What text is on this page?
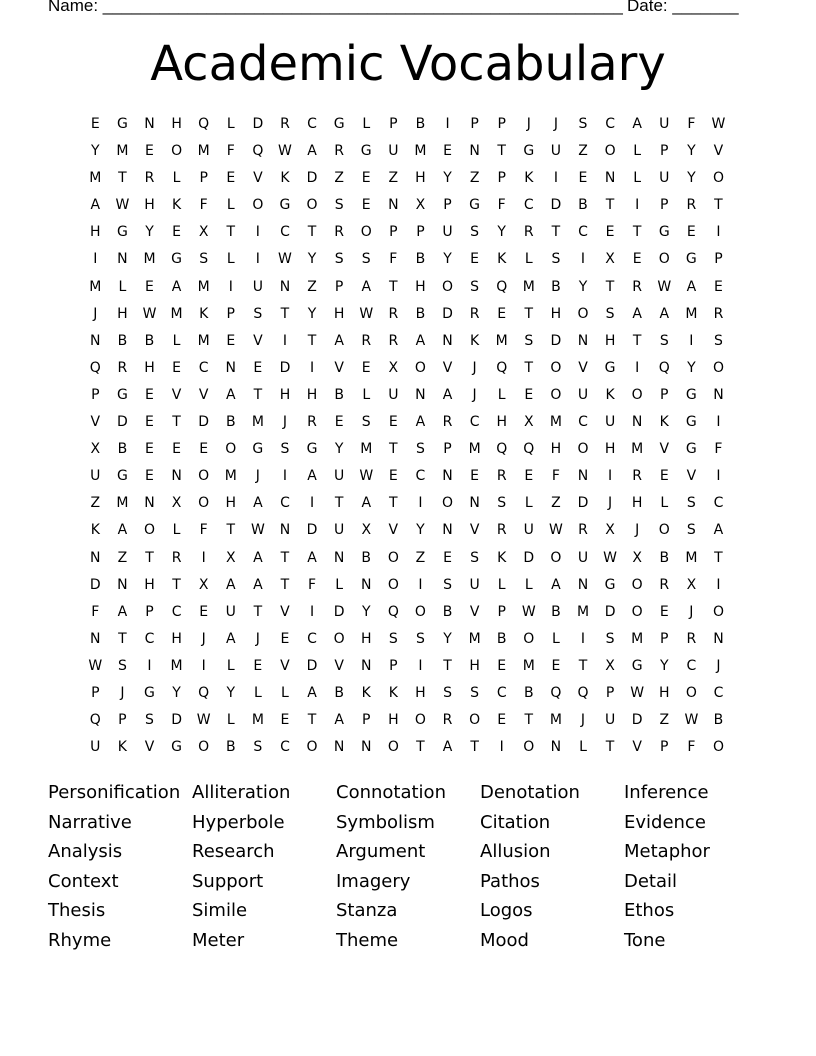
Name: _______________________________________________________ Date: _______
Academic Vocabulary
E	G	N	H	Q	L	D	R	C	G	L	P	B	I	P	P	J	J	S	C	A	U	F	W
Y	M	E	O	M	F	Q	W	A	R	G	U	M	E	N	T	G	U	Z	O	L	P	Y	V
M	T	R	L	P	E	V	K	D	Z	E	Z	H	Y	Z	P	K	I	E	N	L	U	Y	O
A	W	H	K	F	L	O	G	O	S	E	N	X	P	G	F	C	D	B	T	I	P	R	T
H	G	Y	E	X	T	I	C	T	R	O	P	P	U	S	Y	R	T	C	E	T	G	E	I
I	N	M	G	S	L	I	W	Y	S	S	F	B	Y	E	K	L	S	I	X	E	O	G	P
M	L	E	A	M	I	U	N	Z	P	A	T	H	O	S	Q	M	B	Y	T	R	W	A	E
J	H	W M	K	P	S	T	Y	H	W	R	B	D	R	E	T	H	O	S	A	A	M	R
N	B	B	L	M	E	V	I	T	A	R	R	A	N	K	M	S	D	N	H	T	S	I	S
Q	R	H	E	C	N	E	D	I	V	E	X	O	V	J	Q	T	O	V	G	I	Q	Y	O
P	G	E	V	V	A	T	H	H	B	L	U	N	A	J	L	E	O	U	K	O	P	G	N
V	D	E	T	D	B	M	J	R	E	S	E	A	R	C	H	X	M	C	U	N	K	G	I
X	B	E	E	E	O	G	S	G	Y	M	T	S	P	M	Q	Q	H	O	H	M	V	G	F
U	G	E	N	O	M	J	I	A	U	W	E	C	N	E	R	E	F	N	I	R	E	V	I
Z	M	N	X	O	H	A	C	I	T	A	T	I	O	N	S	L	Z	D	J	H	L	S	C
K	A	O	L	F	T	W	N	D	U	X	V	Y	N	V	R	U	W	R	X	J	O	S	A
N	Z	T	R	I	X	A	T	A	N	B	O	Z	E	S	K	D	O	U	W	X	B	M	T
D	N	H	T	X	A	A	T	F	L	N	O	I	S	U	L	L	A	N	G	O	R	X	I
F	A	P	C	E	U	T	V	I	D	Y	Q	O	B	V	P	W	B	M	D	O	E	J	O
N	T	C	H	J	A	J	E	C	O	H	S	S	Y	M	B	O	L	I	S	M	P	R	N
W	S	I	M	I	L	E	V	D	V	N	P	I	T	H	E	M	E	T	X	G	Y	C	J
P	J	G	Y	Q	Y	L	L	A	B	K	K	H	S	S	C	B	Q	Q	P	W	H	O	C
Q	P	S	D	W	L	M	E	T	A	P	H	O	R	O	E	T	M	J	U	D	Z	W	B
U	K	V	G	O	B	S	C	O	N	N	O	T	A	T	I	O	N	L	T	V	P	F	O
Personification Alliteration	Connotation	Denotation	Inference
Narrative	Hyperbole	Symbolism	Citation	Evidence
Analysis	Research	Argument	Allusion	Metaphor
Context	Support	Imagery	Pathos	Detail
Thesis	Simile	Stanza	Logos	Ethos
Rhyme	Meter	Theme	Mood	Tone
